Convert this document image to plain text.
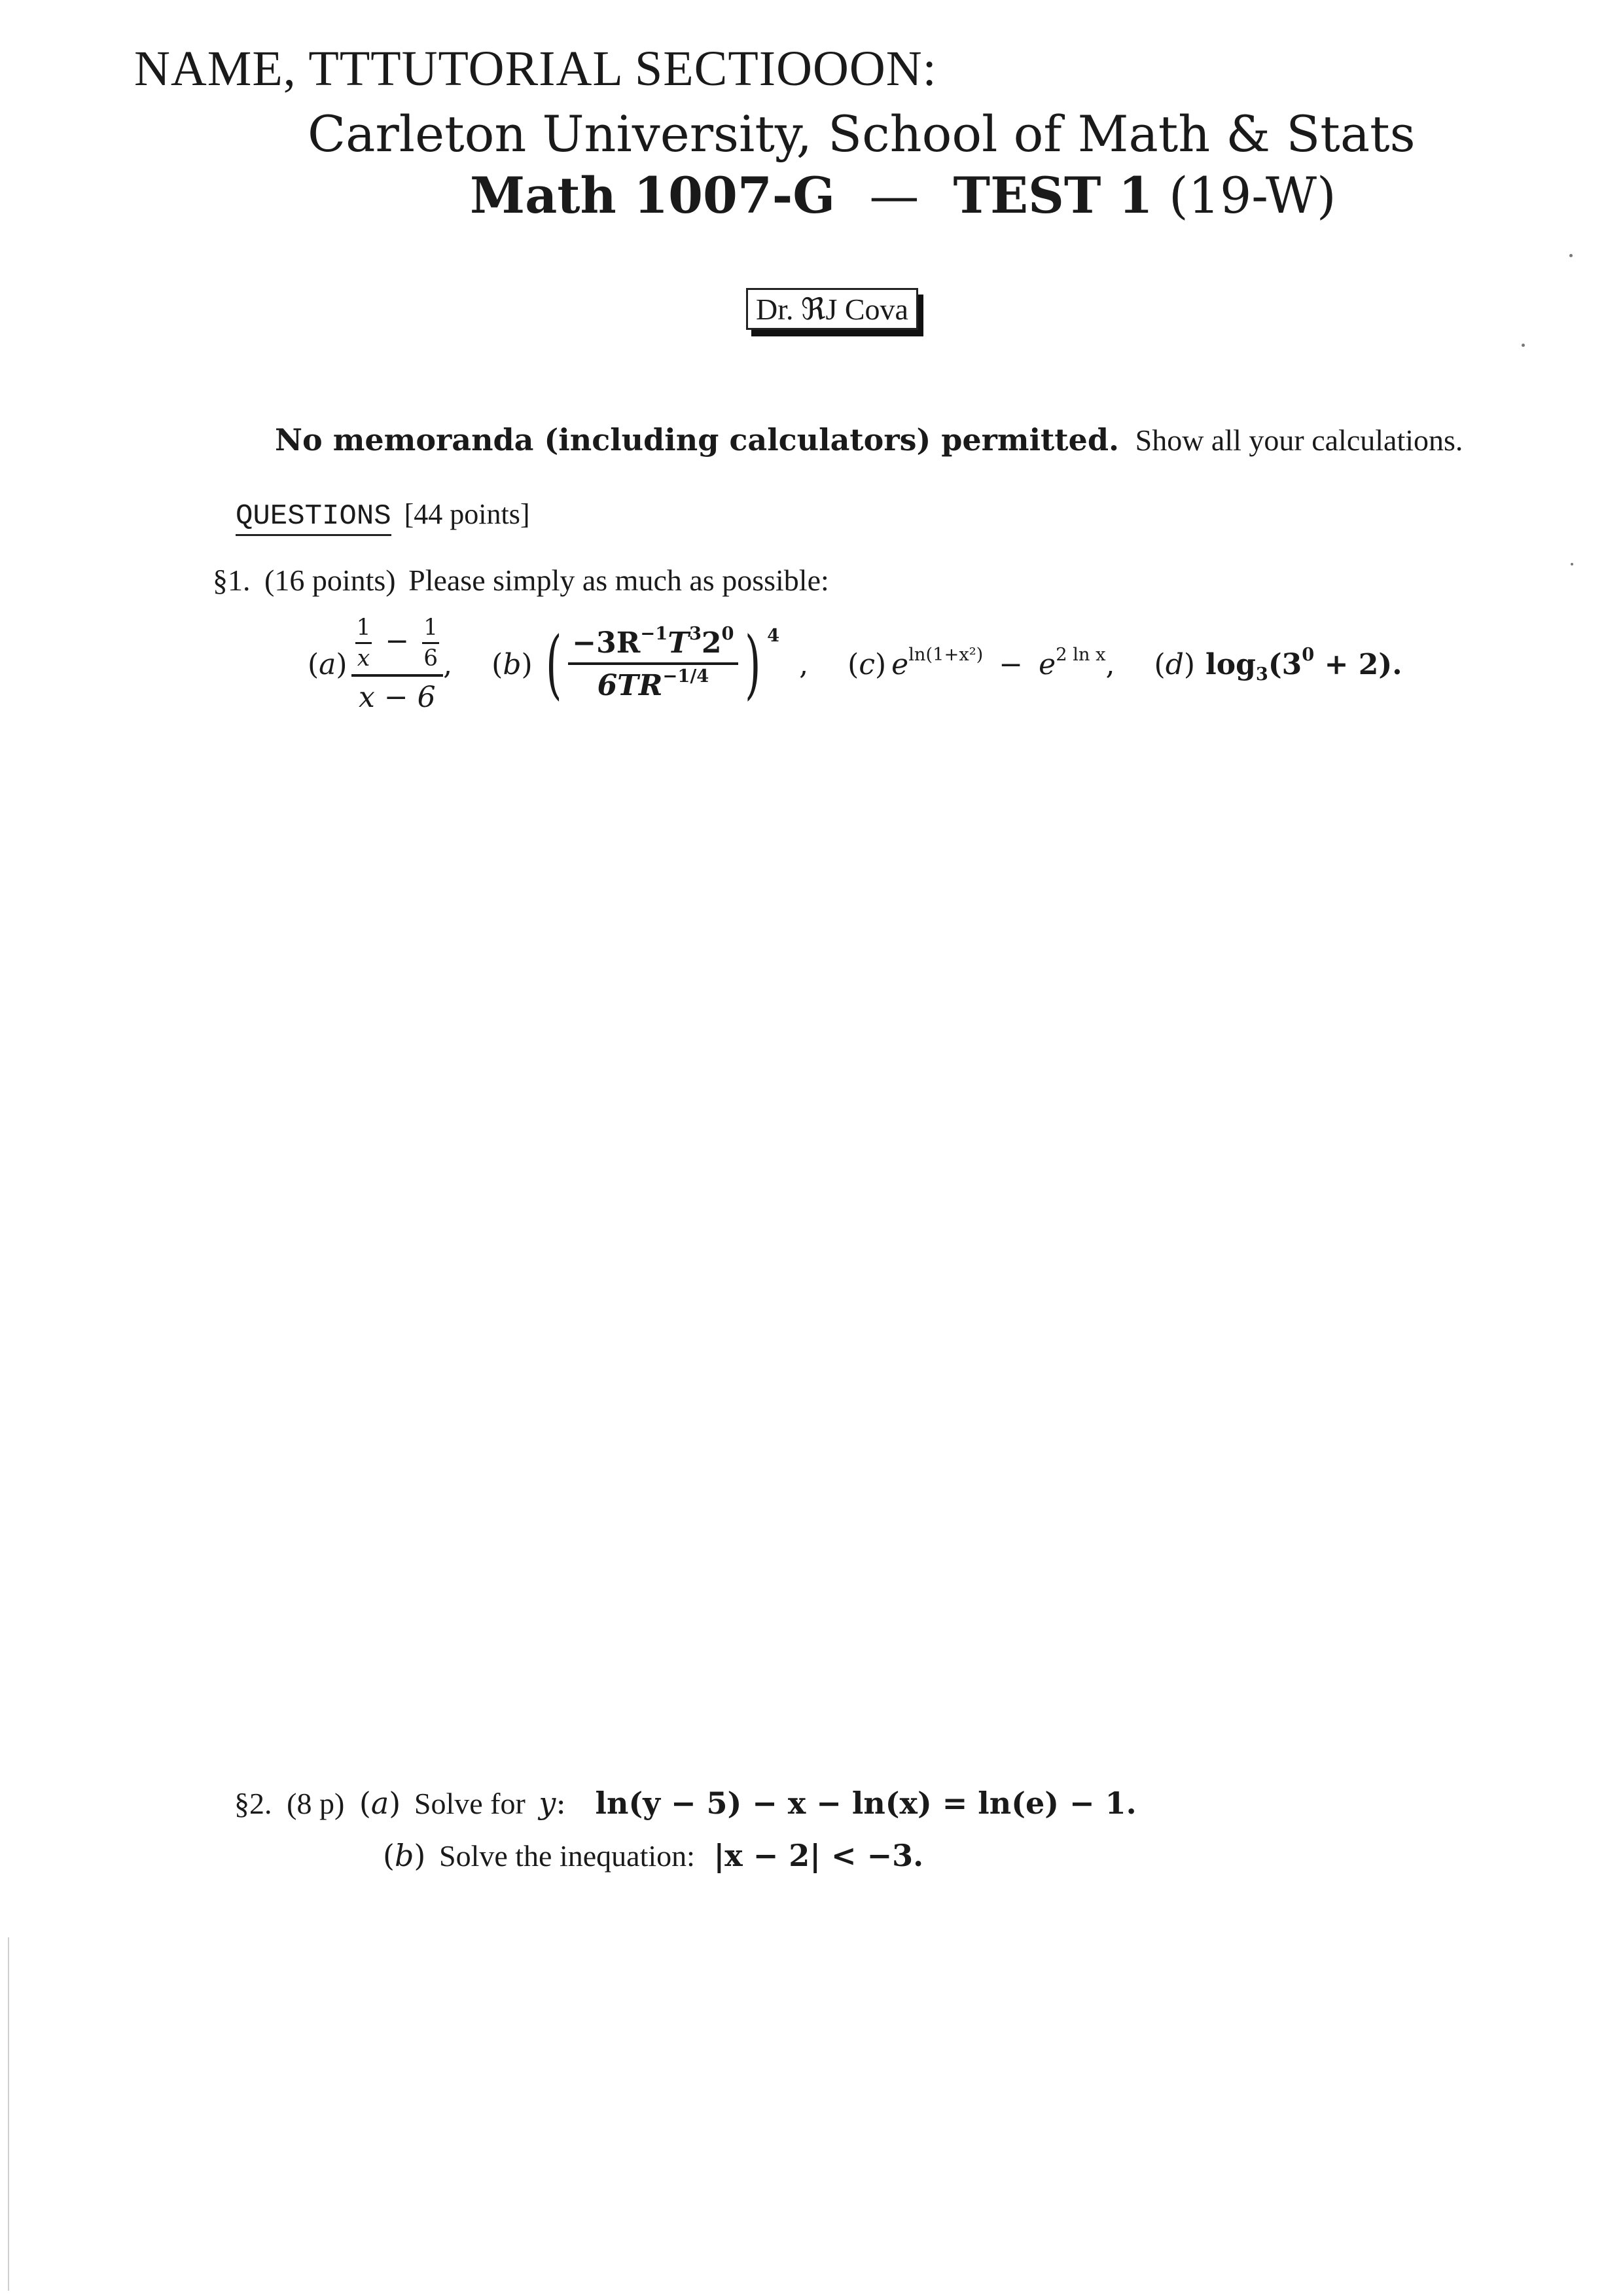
NAME, TTTUTORIAL SECTIOOON:
Carleton University, School of Math & Stats
Math 1007-G — TEST 1 (19-W)
Dr. ℜJ Cova
No memoranda (including calculators) permitted. Show all your calculations.
QUESTIONS [44 points]
§1. (16 points) Please simply as much as possible:
$(a) \frac{\frac{1}{x} - \frac{1}{6}}{x - 6}$ , (b) ( $\frac{-3R^{-1}T^32^0}{6TR^{-1/4}}$ ) $^4$
, (c) $e^{ln(1+x^2)} - e^{2 ln x}$ , (d) $\log_3(3^0 + 2)$.
§2. (8 p) (a) Solve for y: ln(y − 5) − x − ln(x) = ln(e) − 1.
(b) Solve the inequation: |x − 2| < −3.
